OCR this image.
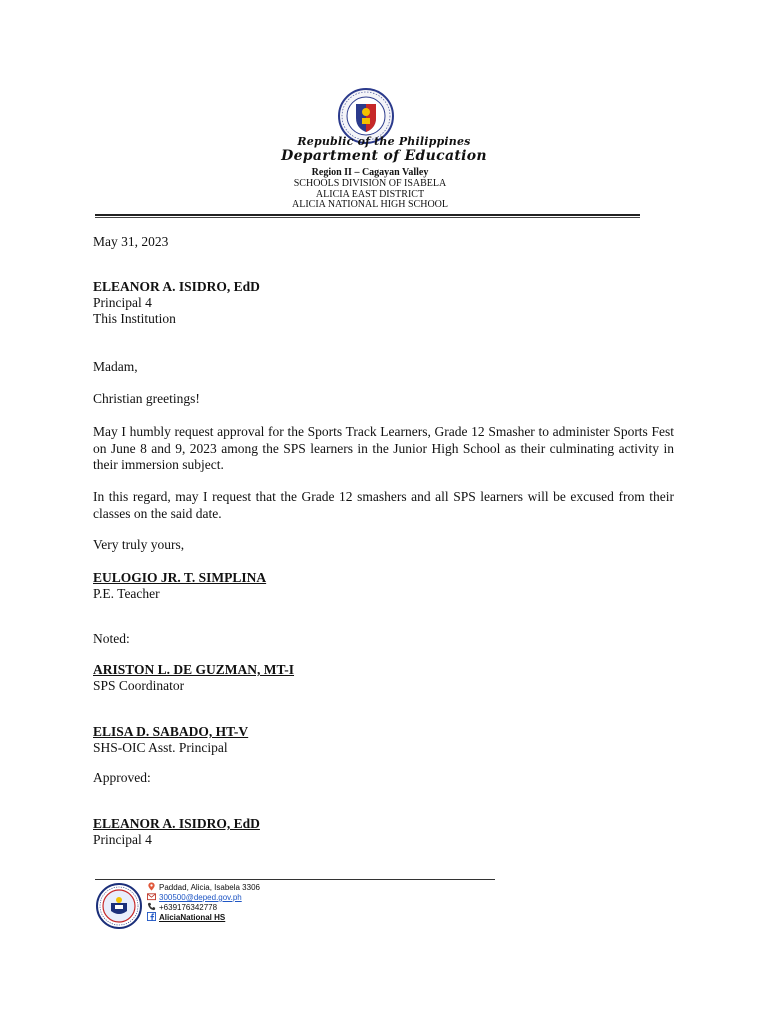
Republic of the Philippines
Department of Education
Region II – Cagayan Valley
SCHOOLS DIVISION OF ISABELA
ALICIA EAST DISTRICT
ALICIA NATIONAL HIGH SCHOOL
May 31, 2023
ELEANOR A. ISIDRO, EdD
Principal 4
This Institution
Madam,
Christian greetings!
May I humbly request approval for the Sports Track Learners, Grade 12 Smasher to administer Sports Fest on June 8 and 9, 2023 among the SPS learners in the Junior High School as their culminating activity in their immersion subject.
In this regard, may I request that the Grade 12 smashers and all SPS learners will be excused from their classes on the said date.
Very truly yours,
EULOGIO JR. T. SIMPLINA
P.E. Teacher
Noted:
ARISTON L. DE GUZMAN, MT-I
SPS Coordinator
ELISA D. SABADO, HT-V
SHS-OIC Asst. Principal
Approved:
ELEANOR A. ISIDRO, EdD
Principal 4
Paddad, Alicia, Isabela 3306
300500@deped.gov.ph
+639176342778
AliciaNational HS
